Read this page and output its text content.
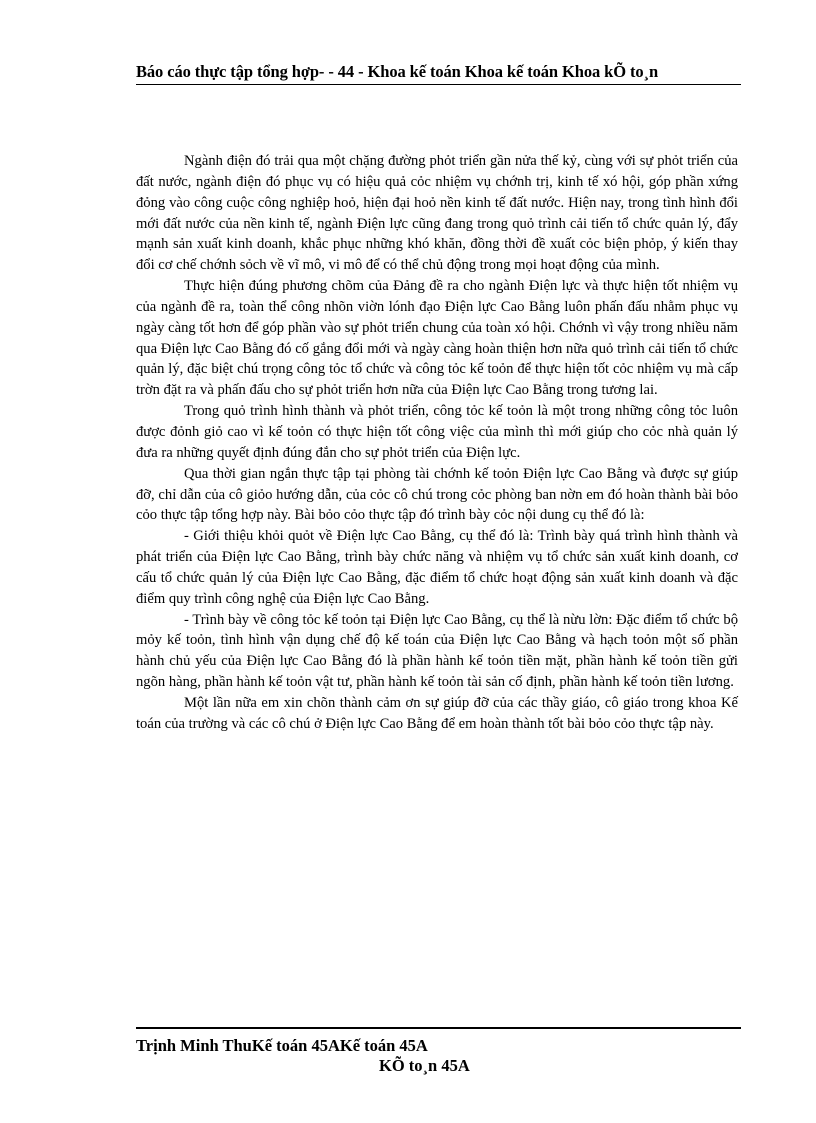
Báo cáo thực tập tổng hợp- - 44 - Khoa kế toán Khoa kế toán Khoa kÕ to¸n

Ngành điện đó trải qua một chặng đường phỏt triển gần nửa thế kỷ, cùng với sự phỏt triển của đất nước, ngành điện đó phục vụ có hiệu quả cỏc nhiệm vụ chớnh trị, kinh tế xó hội, góp phần xứng đỏng vào công cuộc công nghiệp hoỏ, hiện đại hoỏ nền kinh tế đất nước. Hiện nay, trong tình hình đổi mới đất nước của nền kinh tế, ngành Điện lực cũng đang trong quỏ trình cải tiến tổ chức quản lý, đẩy mạnh sản xuất kinh doanh, khắc phục những khó khăn, đồng thời đề xuất cỏc biện phỏp, ý kiến thay đổi cơ chế chớnh sỏch về vĩ mô, vi mô để có thể chủ động trong mọi hoạt động của mình.

Thực hiện đúng phương chõm của Đảng đề ra cho ngành Điện lực và thực hiện tốt nhiệm vụ của ngành đề ra, toàn thể công nhõn viờn lónh đạo Điện lực Cao Bằng luôn phấn đấu nhằm phục vụ ngày càng tốt hơn để góp phần vào sự phỏt triển chung của toàn xó hội. Chớnh vì vậy trong nhiều năm qua Điện lực Cao Bằng đó cố gắng đổi mới và ngày càng hoàn thiện hơn nữa quỏ trình cải tiến tổ chức quản lý, đặc biệt chú trọng công tỏc tổ chức và công tỏc kế toỏn để thực hiện tốt cỏc nhiệm vụ mà cấp trờn đặt ra và phấn đấu cho sự phỏt triển hơn nữa của Điện lực Cao Bằng trong tương lai.

Trong quỏ trình hình thành và phỏt triển, công tỏc kế toỏn là một trong những công tỏc luôn được đỏnh giỏ cao vì kế toỏn có thực hiện tốt công việc của mình thì mới giúp cho cỏc nhà quản lý đưa ra những quyết định đúng đắn cho sự phỏt triển của Điện lực.

Qua thời gian ngắn thực tập tại phòng tài chớnh kế toỏn Điện lực Cao Bằng và được sự giúp đỡ, chỉ dẫn của cô giỏo hướng dẫn, của cỏc cô chú trong cỏc phòng ban nờn em đó hoàn thành bài bỏo cỏo thực tập tổng hợp này. Bài bỏo cỏo thực tập đó trình bày cỏc nội dung cụ thể đó là:

- Giới thiệu khỏi quỏt về Điện lực Cao Bằng, cụ thể đó là: Trình bày quá trình hình thành và phát triển của Điện lực Cao Bằng, trình bày chức năng và nhiệm vụ tổ chức sản xuất kinh doanh, cơ cấu tổ chức quản lý của Điện lực Cao Bằng, đặc điểm tổ chức hoạt động sản xuất kinh doanh và đặc điểm quy trình công nghệ của Điện lực Cao Bằng.

- Trình bày về công tỏc kế toỏn tại Điện lực Cao Bằng, cụ thể là nừu lờn: Đặc điểm tổ chức bộ mỏy kế toỏn, tình hình vận dụng chế độ kế toán của Điện lực Cao Bằng và hạch toỏn một số phần hành chủ yếu của Điện lực Cao Bằng đó là phần hành kế toỏn tiền mặt, phần hành kế toỏn tiền gửi ngõn hàng, phần hành kế toỏn vật tư, phần hành kế toỏn tài sản cố định, phần hành kế toỏn tiền lương.

Một lần nữa em xin chõn thành cảm ơn sự giúp đỡ của các thầy giáo, cô giáo trong khoa Kế toán của trường và các cô chú ở Điện lực Cao Bằng để em hoàn thành tốt bài bỏo cỏo thực tập này.

Trịnh Minh ThuKế toán 45AKế toán 45A
KÕ to¸n 45A
